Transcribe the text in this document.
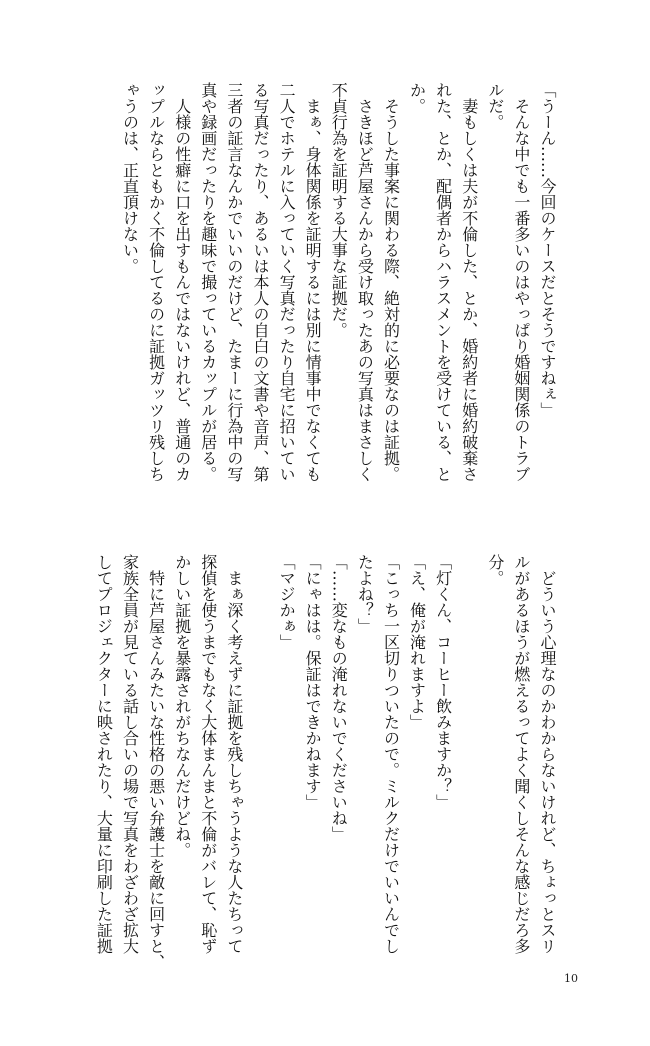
「うーん……今回のケースだとそうですねぇ」

　そんな中でも一番多いのはやっぱり婚姻関係のトラブ

ルだ。

　妻もしくは夫が不倫した、とか、婚約者に婚約破棄さ

れた、とか、配偶者からハラスメントを受けている、と

か。

　そうした事案に関わる際、絶対的に必要なのは証拠。

　さきほど芦屋さんから受け取ったあの写真はまさしく

不貞行為を証明する大事な証拠だ。

　まぁ、身体関係を証明するには別に情事中でなくても

二人でホテルに入っていく写真だったり自宅に招いてい

る写真だったり、あるいは本人の自白の文書や音声、第

三者の証言なんかでいいのだけど、たまーに行為中の写

真や録画だったりを趣味で撮っているカップルが居る。

　人様の性癖に口を出すもんではないけれど、普通のカ

ップルならともかく不倫してるのに証拠ガッツリ残しち

ゃうのは、正直頂けない。

　どういう心理なのかわからないけれど、ちょっとスリ

ルがあるほうが燃えるってよく聞くしそんな感じだろ多

分。

「灯くん、コーヒー飲みますか？」

「え、俺が淹れますよ」

「こっち一区切りついたので。ミルクだけでいいんでし

たよね？」

「……変なもの淹れないでくださいね」

「にゃはは。保証はできかねます」

「マジかぁ」

　まぁ深く考えずに証拠を残しちゃうような人たちって

探偵を使うまでもなく大体まんまと不倫がバレて、恥ず

かしい証拠を暴露されがちなんだけどね。

　特に芦屋さんみたいな性格の悪い弁護士を敵に回すと、

家族全員が見ている話し合いの場で写真をわざわざ拡大

してプロジェクターに映されたり、大量に印刷した証拠

10
